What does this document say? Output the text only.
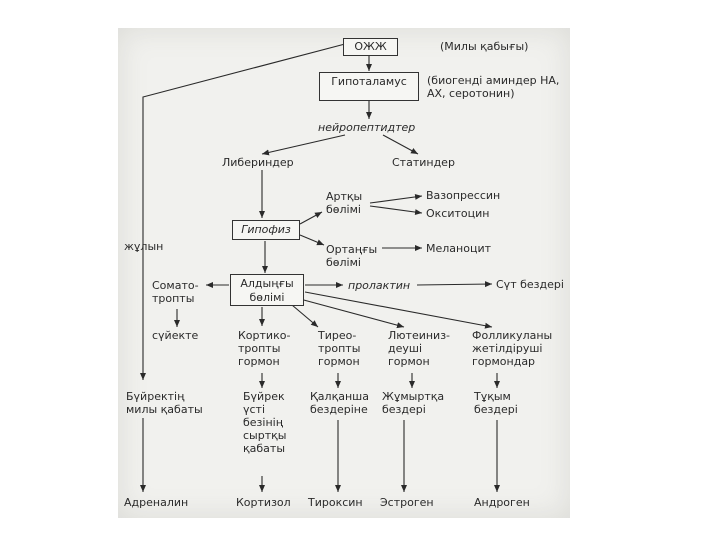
ОЖЖ
Гипоталамус
Гипофиз
Алдыңғы
бөлімі
(Милы қабығы)
(биогенді аминдер НА,
АХ, серотонин)
нейропептидтер
Либериндер	Статиндер
Артқы
бөлімі
Вазопрессин
Окситоцин
жұлын	Ортаңғы
бөлімі
Меланоцит
Сомато-
тропты
пролактин	Сүт бездері
сүйекте	Кортико-
тропты
гормон
Тирео-
тропты
гормон
Лютеиниз-
деуші
гормон
Фолликуланы
жетілдіруші
гормондар
Бүйректің
милы қабаты
Бүйрек
үсті
безінің
сыртқы
қабаты
Қалқанша
бездеріне
Жұмыртқа
бездері
Тұқым
бездері
Адреналин	Кортизол Тироксин Эстроген	Андроген
